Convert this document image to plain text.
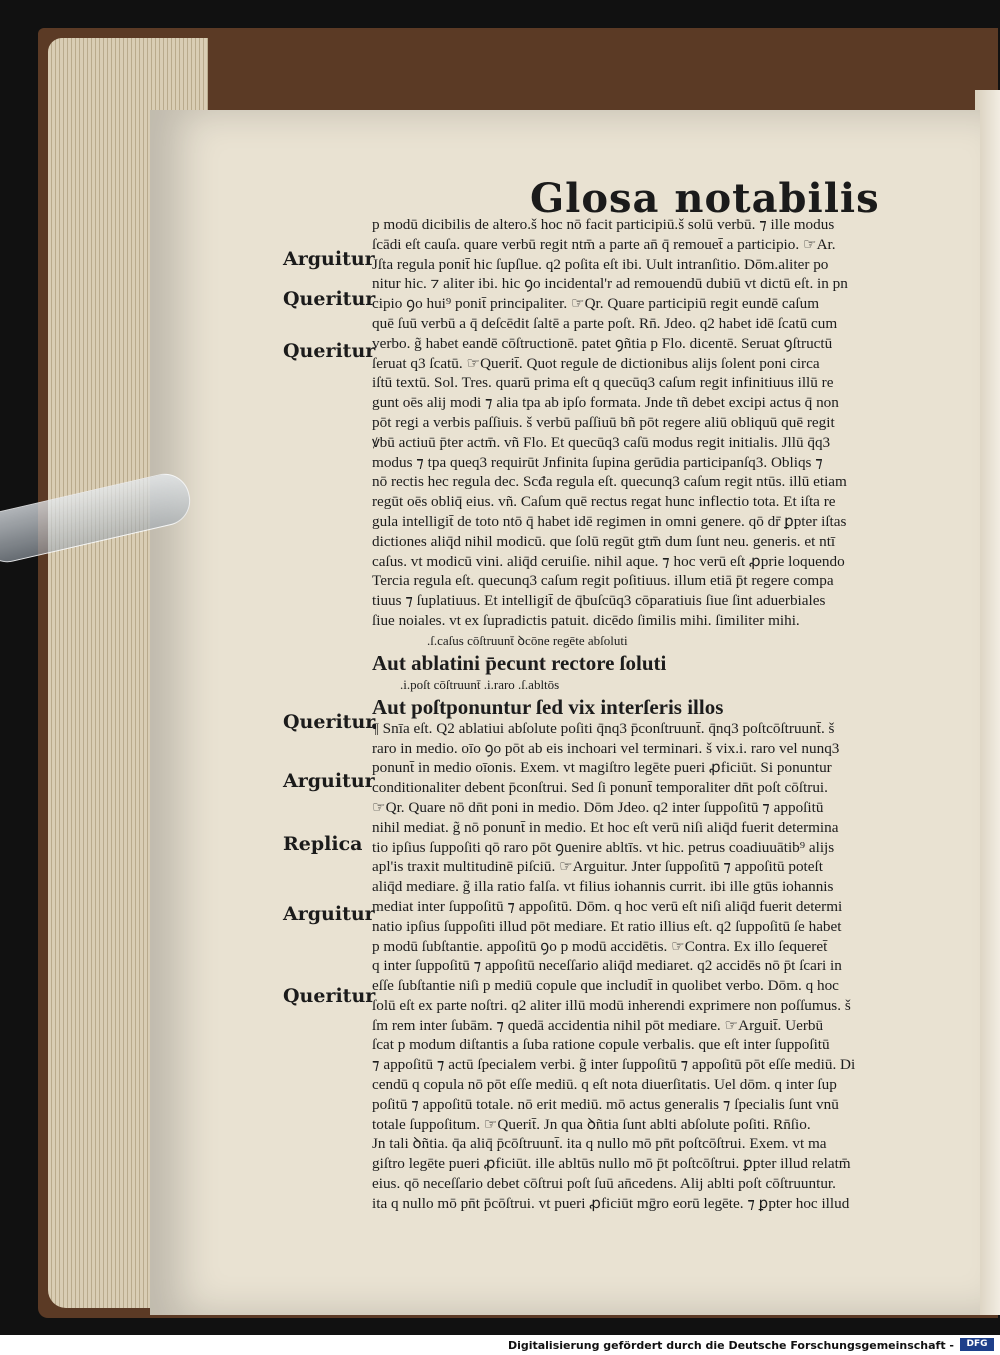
Glosa notabilis
Arguitur
Queritur
Queritur
Queritur
Arguitur
Replica
Arguitur
Queritur
p modū dicibilis de altero.š hoc nō facit participiū.š solū verbū. ⁊ ille modus
ſcādi eſt cauſa. quare verbū regit ntm̄ a parte an̄ q̄ remouet̄ a participio. ☞Ar.
Jſta regula ponit̄ hic ſupſlue. q2 poſita eſt ibi. Uult intranſitio. Dōm.aliter po
nitur hic. ⁊ aliter ibi. hic ꝯo incidental'r ad remouendū dubiū vt dictū eſt. in pn
cipio ꝯo hui⁹ ponit̄ principaliter. ☞Qr. Quare participiū regit eundē caſum
quē ſuū verbū a q̄ deſcēdit ſaltē a parte poſt. Rn̄. Jdeo. q2 habet idē ſcatū cum
verbo. g̃ habet eandē cōſtructionē. patet ꝯñtia p Flo. dicentē. Seruat ꝯſtructū
ſeruat q3 ſcatū. ☞Querit̄. Quot regule de dictionibus alijs ſolent poni circa
iſtū textū. Sol. Tres. quarū prima eſt q quecūq3 caſum regit infinitiuus illū re
gunt oēs alij modi ⁊ alia tpa ab ipſo formata. Jnde tñ debet excipi actus q̄ non
pōt regi a verbis paſſiuis. š verbū paſſiuū bñ pōt regere aliū obliquū quē regit
ꝟbū actiuū p̄ter actm̄. vñ Flo. Et quecūq3 caſū modus regit initialis. Jllū q̄q3
modus ⁊ tpa queq3 requirūt Jnfinita ſupina gerūdia participanſq3. Obliqs ⁊
nō rectis hec regula dec. Scđa regula eſt. quecunq3 caſum regit ntūs. illū etiam
regūt oēs obliq̄ eius. vñ. Caſum quē rectus regat hunc inflectio tota. Et iſta re
gula intelligit̄ de toto ntō q̄ habet idē regimen in omni genere. qō dr̄ ꝑpter iſtas
dictiones aliq̄d nihil modicū. que ſolū regūt gtm̄ dum ſunt neu. generis. et ntī
caſus. vt modicū vini. aliq̄d ceruiſie. nihil aque. ⁊ hoc verū eſt ꝓprie loquendo
Tercia regula eſt. quecunq3 caſum regit poſitiuus. illum etiā p̄t regere compa
tiuus ⁊ ſuplatiuus. Et intelligit̄ de q̄buſcūq3 cōparatiuis ſiue ſint aduerbiales
ſiue noiales. vt ex ſupradictis patuit. dicēdo ſimilis mihi. ſimiliter mihi.
.ſ.caſus cōſtruunt̄ ꝺcōne regēte abſoluti
Aut ablatini p̄ecunt rectore ſoluti
.i.poſt cōſtruunt̄ .i.raro .ſ.abltōs
Aut poſtponuntur ſed vix interſeris illos
¶ Snīa eſt. Q2 ablatiui abſolute poſiti q̄nq3 p̄conſtruunt̄. q̄nq3 poſtcōſtruunt̄. š
raro in medio. oīo ꝯo pōt ab eis inchoari vel terminari. š vix.i. raro vel nunq3
ponunt̄ in medio oīonis. Exem. vt magiſtro legēte pueri ꝓficiūt. Si ponuntur
conditionaliter debent p̄conſtrui. Sed ſi ponunt̄ temporaliter dn̄t poſt cōſtrui.
☞Qr. Quare nō dn̄t poni in medio. Dōm Jdeo. q2 inter ſuppoſitū ⁊ appoſitū
nihil mediat. g̃ nō ponunt̄ in medio. Et hoc eſt verū niſi aliq̄d fuerit determina
tio ipſius ſuppoſiti qō raro pōt ꝯuenire abltīs. vt hic. petrus coadiuuātib⁹ alijs
apl'is traxit multitudinē piſciū. ☞Arguitur. Jnter ſuppoſitū ⁊ appoſitū poteſt
aliq̄d mediare. g̃ illa ratio falſa. vt filius iohannis currit. ibi ille gtūs iohannis
mediat inter ſuppoſitū ⁊ appoſitū. Dōm. q hoc verū eſt niſi aliq̄d fuerit determi
natio ipſius ſuppoſiti illud pōt mediare. Et ratio illius eſt. q2 ſuppoſitū ſe habet
p modū ſubſtantie. appoſitū ꝯo p modū accidētis. ☞Contra. Ex illo ſequeret̄
q inter ſuppoſitū ⁊ appoſitū neceſſario aliq̄d mediaret. q2 accidēs nō p̄t ſcari in
eſſe ſubſtantie niſi p mediū copule que includit̄ in quolibet verbo. Dōm. q hoc
ſolū eſt ex parte noſtri. q2 aliter illū modū inherendi exprimere non poſſumus. š
ſm rem inter ſubām. ⁊ quedā accidentia nihil pōt mediare. ☞Arguit̄. Uerbū
ſcat p modum diſtantis a ſuba ratione copule verbalis. que eſt inter ſuppoſitū
⁊ appoſitū ⁊ actū ſpecialem verbi. g̃ inter ſuppoſitū ⁊ appoſitū pōt eſſe mediū. Di
cendū q copula nō pōt eſſe mediū. q eſt nota diuerſitatis. Uel dōm. q inter ſup
poſitū ⁊ appoſitū totale. nō erit mediū. mō actus generalis ⁊ ſpecialis ſunt vnū
totale ſuppoſitum. ☞Querit̄. Jn qua ꝺñtia ſunt ablti abſolute poſiti. Rn̄ſio.
Jn tali ꝺñtia. q̄a aliq̄ p̄cōſtruunt̄. ita q nullo mō pn̄t poſtcōſtrui. Exem. vt ma
giſtro legēte pueri ꝓficiūt. ille abltūs nullo mō p̄t poſtcōſtrui. ꝑpter illud relatm̄
eius. qō neceſſario debet cōſtrui poſt ſuū an̄cedens. Alij ablti poſt cōſtruuntur.
ita q nullo mō pn̄t p̄cōſtrui. vt pueri ꝓficiūt mḡro eorū legēte. ⁊ ꝑpter hoc illud
Digitalisierung gefördert durch die Deutsche Forschungsgemeinschaft -	DFG
